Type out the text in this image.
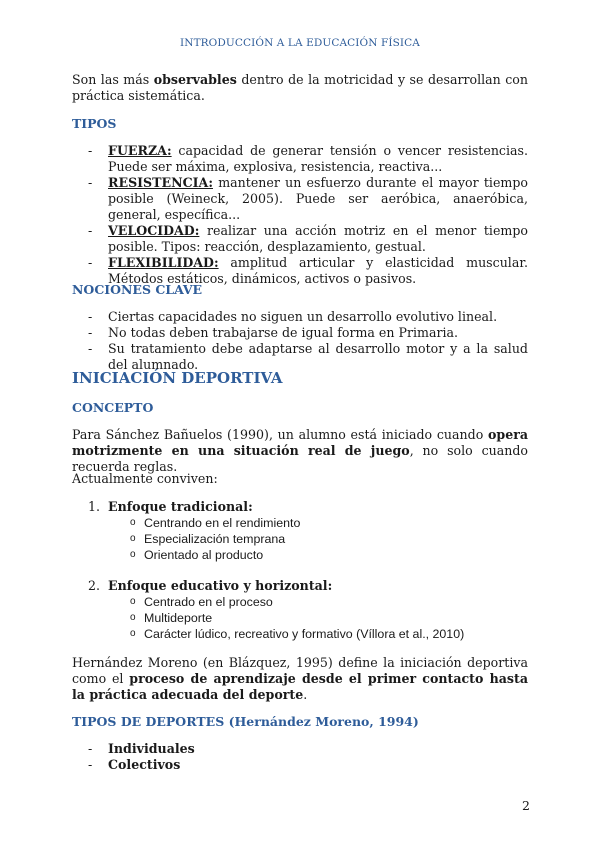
INTRODUCCIÓN A LA EDUCACIÓN FÍSICA
Son las más observables dentro de la motricidad y se desarrollan con práctica sistemática.
TIPOS
- FUERZA: capacidad de generar tensión o vencer resistencias. Puede ser máxima, explosiva, resistencia, reactiva...
- RESISTENCIA: mantener un esfuerzo durante el mayor tiempo posible (Weineck, 2005). Puede ser aeróbica, anaeróbica, general, específica...
- VELOCIDAD: realizar una acción motriz en el menor tiempo posible. Tipos: reacción, desplazamiento, gestual.
- FLEXIBILIDAD: amplitud articular y elasticidad muscular. Métodos estáticos, dinámicos, activos o pasivos.
NOCIONES CLAVE
- Ciertas capacidades no siguen un desarrollo evolutivo lineal.
- No todas deben trabajarse de igual forma en Primaria.
- Su tratamiento debe adaptarse al desarrollo motor y a la salud del alumnado.
INICIACIÓN DEPORTIVA
CONCEPTO
Para Sánchez Bañuelos (1990), un alumno está iniciado cuando opera motrizmente en una situación real de juego, no solo cuando recuerda reglas.
Actualmente conviven:
1. Enfoque tradicional:
o Centrando en el rendimiento
o Especialización temprana
o Orientado al producto
2. Enfoque educativo y horizontal:
o Centrado en el proceso
o Multideporte
o Carácter lúdico, recreativo y formativo (Víllora et al., 2010)
Hernández Moreno (en Blázquez, 1995) define la iniciación deportiva como el proceso de aprendizaje desde el primer contacto hasta la práctica adecuada del deporte.
TIPOS DE DEPORTES (Hernández Moreno, 1994)
- Individuales
- Colectivos
2
